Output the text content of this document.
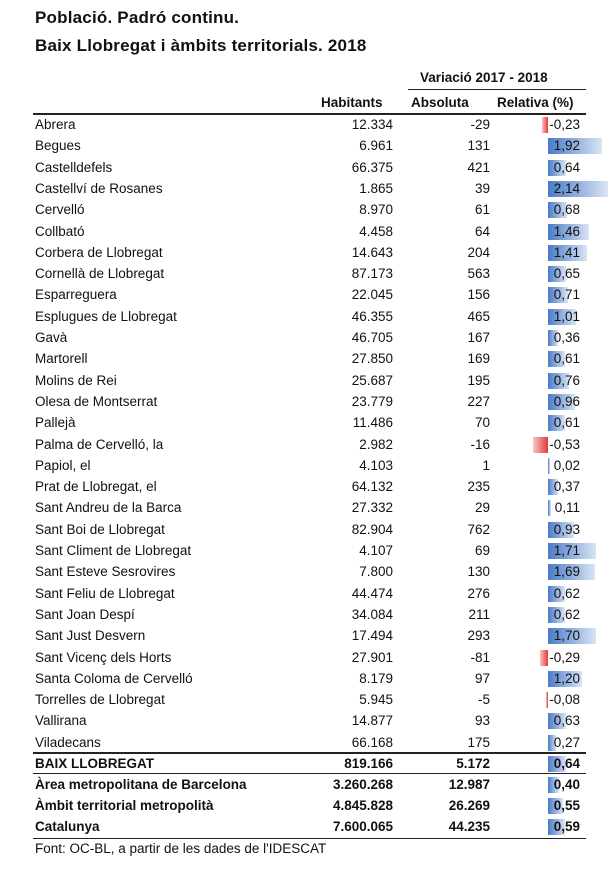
Població. Padró continu.
Baix Llobregat i àmbits territorials. 2018
Variació 2017 - 2018
Habitants Absoluta Relativa (%)
Abrera	12.334	-29	-0,23
Begues	6.961	131	1,92
Castelldefels	66.375	421	0,64
Castellví de Rosanes	1.865	39	2,14
Cervelló	8.970	61	0,68
Collbató	4.458	64	1,46
Corbera de Llobregat	14.643	204	1,41
Cornellà de Llobregat	87.173	563	0,65
Esparreguera	22.045	156	0,71
Esplugues de Llobregat	46.355	465	1,01
Gavà	46.705	167	0,36
Martorell	27.850	169	0,61
Molins de Rei	25.687	195	0,76
Olesa de Montserrat	23.779	227	0,96
Pallejà	11.486	70	0,61
Palma de Cervelló, la	2.982	-16	-0,53
Papiol, el	4.103	1	0,02
Prat de Llobregat, el	64.132	235	0,37
Sant Andreu de la Barca	27.332	29	0,11
Sant Boi de Llobregat	82.904	762	0,93
Sant Climent de Llobregat	4.107	69	1,71
Sant Esteve Sesrovires	7.800	130	1,69
Sant Feliu de Llobregat	44.474	276	0,62
Sant Joan Despí	34.084	211	0,62
Sant Just Desvern	17.494	293	1,70
Sant Vicenç dels Horts	27.901	-81	-0,29
Santa Coloma de Cervelló	8.179	97	1,20
Torrelles de Llobregat	5.945	-5	-0,08
Vallirana	14.877	93	0,63
Viladecans	66.168	175	0,27
BAIX LLOBREGAT	819.166	5.172	0,64
Àrea metropolitana de Barcelona	3.260.268	12.987	0,40
Àmbit territorial metropolità	4.845.828	26.269	0,55
Catalunya	7.600.065	44.235	0,59
Font: OC-BL, a partir de les dades de l'IDESCAT
